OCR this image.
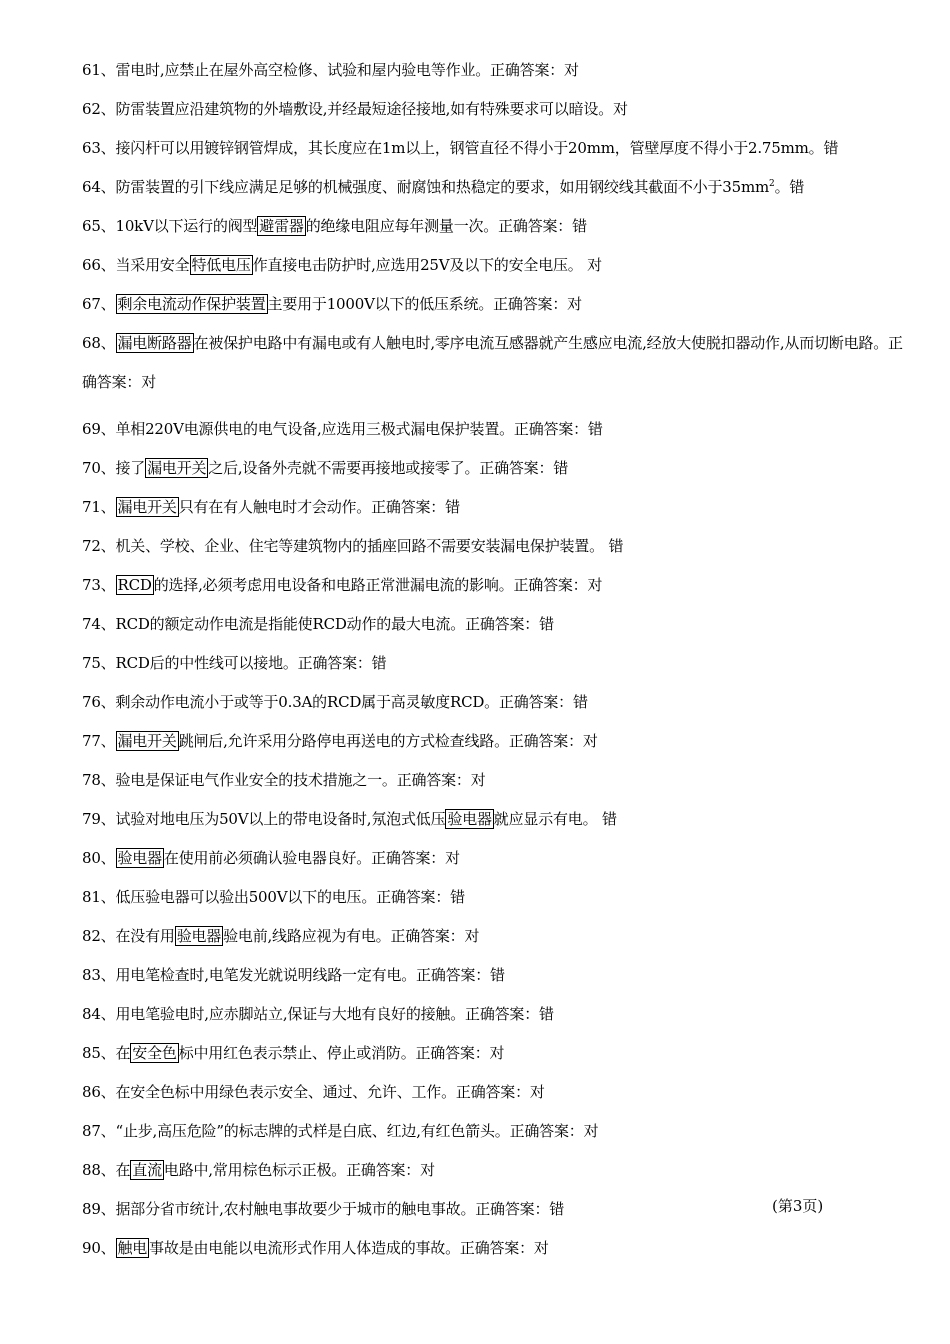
61、雷电时,应禁止在屋外高空检修、试验和屋内验电等作业。正确答案：对
62、防雷装置应沿建筑物的外墙敷设,并经最短途径接地,如有特殊要求可以暗设。对
63、接闪杆可以用镀锌钢管焊成，其长度应在1m以上，钢管直径不得小于20mm，管壁厚度不得小于2.75mm。错
64、防雷装置的引下线应满足足够的机械强度、耐腐蚀和热稳定的要求，如用钢绞线其截面不小于$35mm^2$。错
65、10kV以下运行的阀型 避雷器 的绝缘电阻应每年测量一次。正确答案：错
66、当采用安全 特低电压 作直接电击防护时,应选用25V及以下的安全电压。 对
67、 剩余电流动作保护装置 主要用于1000V以下的低压系统。正确答案：对
68、 漏电断路器 在被保护电路中有漏电或有人触电时,零序电流互感器就产生感应电流,经放大使脱扣器动作,从而切断电路。正确答案：对
69、单相220V电源供电的电气设备,应选用三极式漏电保护装置。正确答案：错
70、接了 漏电开关 之后,设备外壳就不需要再接地或接零了。正确答案：错
71、 漏电开关 只有在有人触电时才会动作。正确答案：错
72、机关、学校、企业、住宅等建筑物内的插座回路不需要安装漏电保护装置。 错
73、 RCD 的选择,必须考虑用电设备和电路正常泄漏电流的影响。正确答案：对
74、RCD的额定动作电流是指能使RCD动作的最大电流。正确答案：错
75、RCD后的中性线可以接地。正确答案：错
76、剩余动作电流小于或等于0.3A的RCD属于高灵敏度RCD。正确答案：错
77、 漏电开关 跳闸后,允许采用分路停电再送电的方式检查线路。正确答案：对
78、验电是保证电气作业安全的技术措施之一。正确答案：对
79、试验对地电压为50V以上的带电设备时,氖泡式低压 验电器 就应显示有电。 错
80、 验电器 在使用前必须确认验电器良好。正确答案：对
81、低压验电器可以验出500V以下的电压。正确答案：错
82、在没有用 验电器 验电前,线路应视为有电。正确答案：对
83、用电笔检查时,电笔发光就说明线路一定有电。正确答案：错
84、用电笔验电时,应赤脚站立,保证与大地有良好的接触。正确答案：错
85、在 安全色 标中用红色表示禁止、停止或消防。正确答案：对
86、在安全色标中用绿色表示安全、通过、允许、工作。正确答案：对
87、“止步,高压危险”的标志牌的式样是白底、红边,有红色箭头。正确答案：对
88、在 直流 电路中,常用棕色标示正极。正确答案：对
89、据部分省市统计,农村触电事故要少于城市的触电事故。正确答案：错
90、 触电 事故是由电能以电流形式作用人体造成的事故。正确答案：对
(第3页)
